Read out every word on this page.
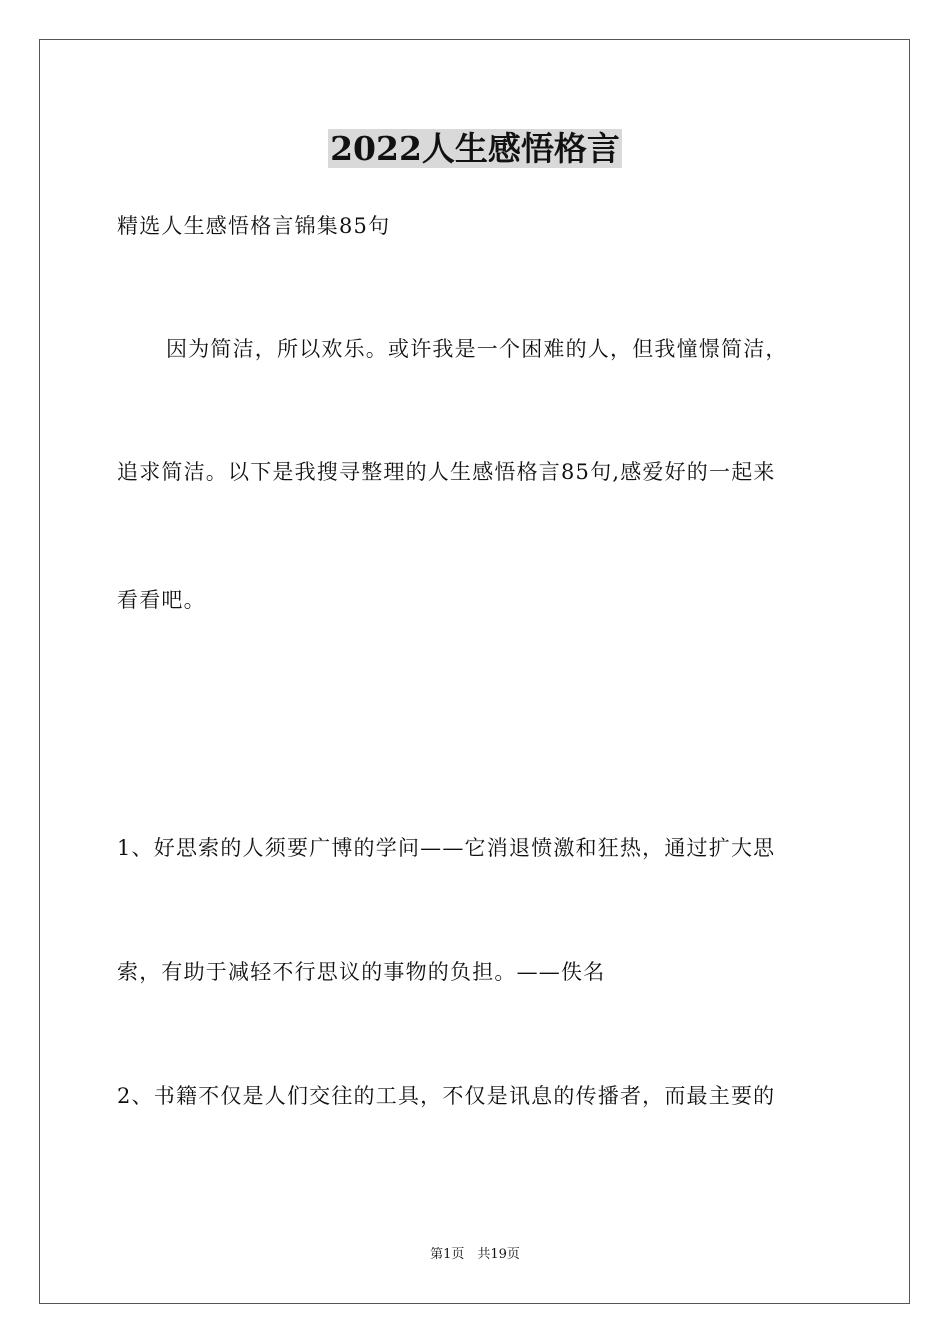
2022人生感悟格言
精选人生感悟格言锦集85句
因为简洁，所以欢乐。或许我是一个困难的人，但我憧憬简洁，
追求简洁。以下是我搜寻整理的人生感悟格言85句,感爱好的一起来
看看吧。
1、好思索的人须要广博的学问——它消退愤激和狂热，通过扩大思
索，有助于减轻不行思议的事物的负担。——佚名
2、书籍不仅是人们交往的工具，不仅是讯息的传播者，而最主要的
第1页　共19页
